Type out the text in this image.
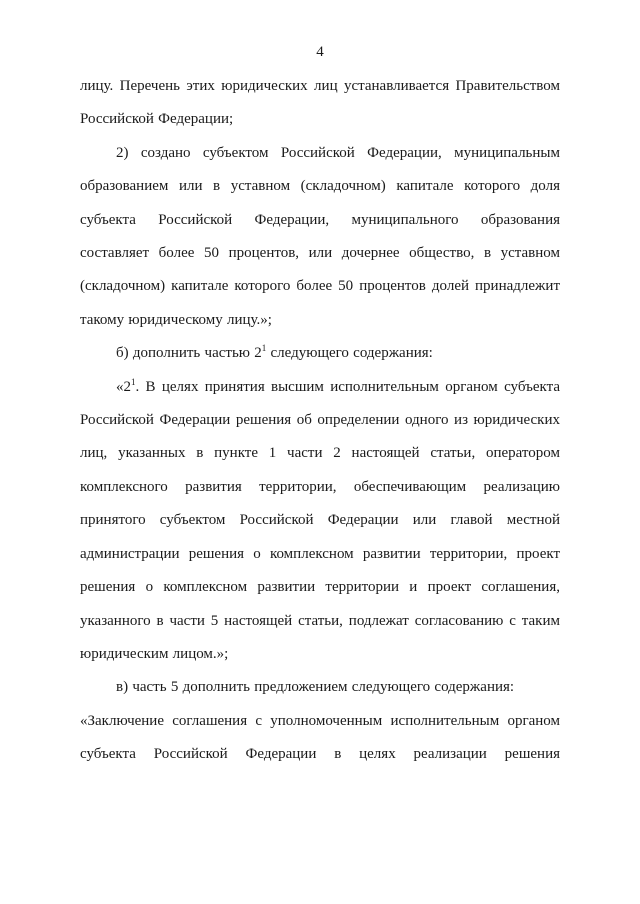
4

лицу. Перечень этих юридических лиц устанавливается Правительством Российской Федерации;

2) создано субъектом Российской Федерации, муниципальным образованием или в уставном (складочном) капитале которого доля субъекта Российской Федерации, муниципального образования составляет более 50 процентов, или дочернее общество, в уставном (складочном) капитале которого более 50 процентов долей принадлежит такому юридическому лицу.»;

б) дополнить частью $2^1$ следующего содержания:

«$2^1$. В целях принятия высшим исполнительным органом субъекта Российской Федерации решения об определении одного из юридических лиц, указанных в пункте 1 части 2 настоящей статьи, оператором комплексного развития территории, обеспечивающим реализацию принятого субъектом Российской Федерации или главой местной администрации решения о комплексном развитии территории, проект решения о комплексном развитии территории и проект соглашения, указанного в части 5 настоящей статьи, подлежат согласованию с таким юридическим лицом.»;

в) часть 5 дополнить предложением следующего содержания:

«Заключение соглашения с уполномоченным исполнительным органом субъекта Российской Федерации в целях реализации решения
